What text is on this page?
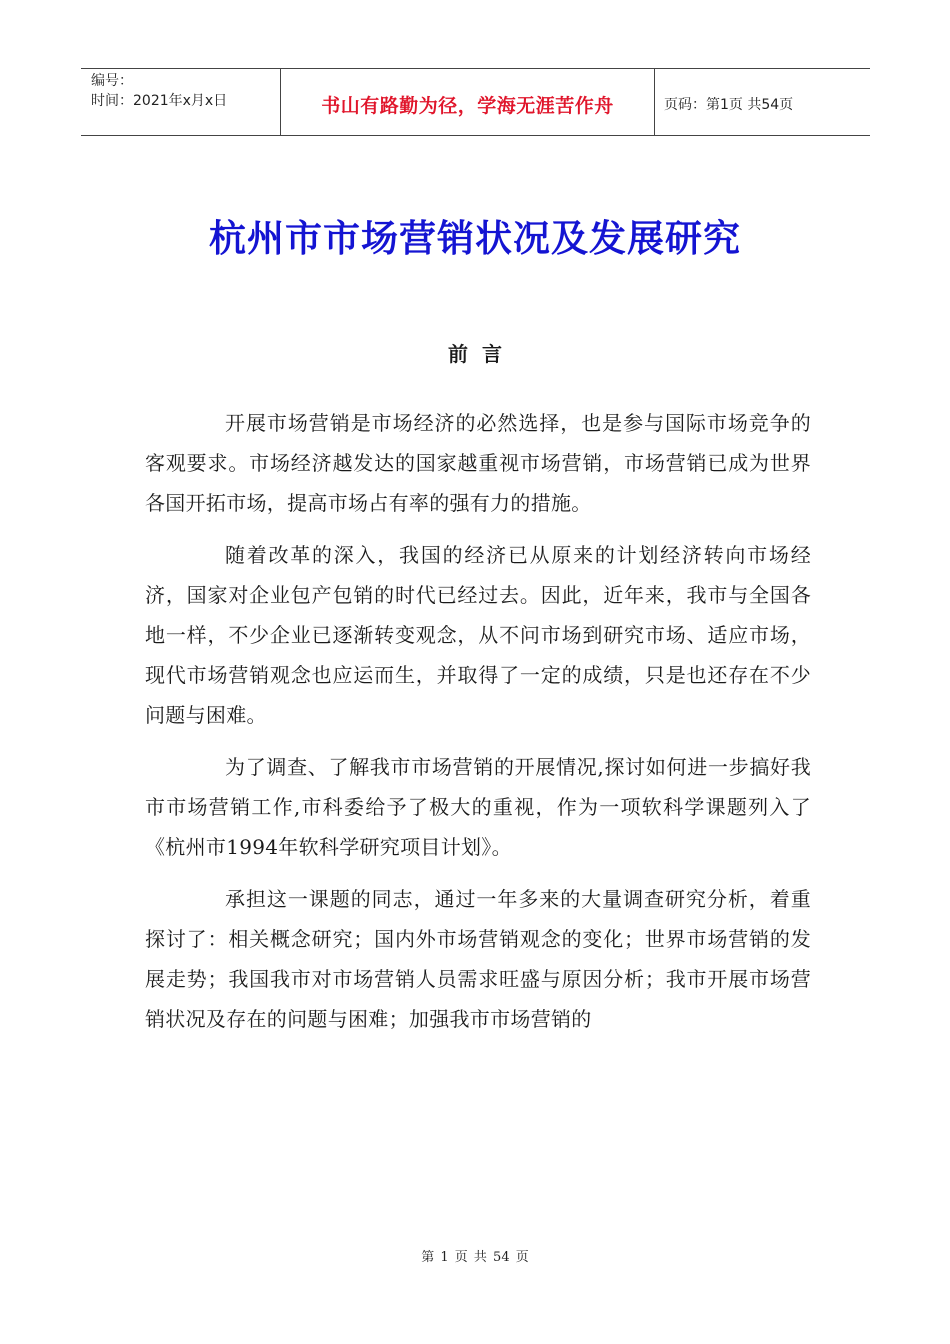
编号：
时间：2021年x月x日	书山有路勤为径，学海无涯苦作舟	页码：第1页 共54页
杭州市市场营销状况及发展研究
前言

开展市场营销是市场经济的必然选择，也是参与国际市场竞争的客观要求。市场经济越发达的国家越重视市场营销，市场营销已成为世界各国开拓市场，提高市场占有率的强有力的措施。

随着改革的深入，我国的经济已从原来的计划经济转向市场经济，国家对企业包产包销的时代已经过去。因此，近年来，我市与全国各地一样，不少企业已逐渐转变观念，从不问市场到研究市场、适应市场，现代市场营销观念也应运而生，并取得了一定的成绩，只是也还存在不少问题与困难。

为了调查、了解我市市场营销的开展情况,探讨如何进一步搞好我市市场营销工作,市科委给予了极大的重视，作为一项软科学课题列入了《杭州市1994年软科学研究项目计划》。

承担这一课题的同志，通过一年多来的大量调查研究分析，着重探讨了：相关概念研究；国内外市场营销观念的变化；世界市场营销的发展走势；我国我市对市场营销人员需求旺盛与原因分析；我市开展市场营销状况及存在的问题与困难；加强我市市场营销的

第 1 页 共 54 页
